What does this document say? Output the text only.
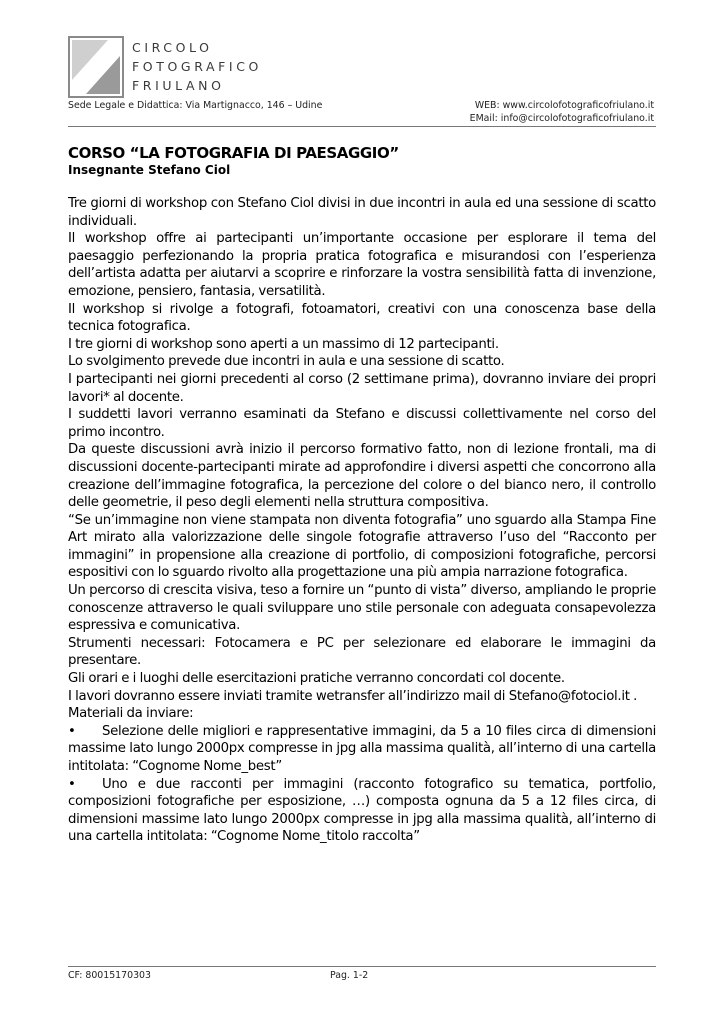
CIRCOLO
FOTOGRAFICO
FRIULANO
Sede Legale e Didattica: Via Martignacco, 146 – Udine	WEB: www.circolofotograficofriulano.it
EMail: info@circolofotograficofriulano.it
CORSO “LA FOTOGRAFIA DI PAESAGGIO”
Insegnante Stefano Ciol

Tre giorni di workshop con Stefano Ciol divisi in due incontri in aula ed una sessione di scatto individuali.

Il workshop offre ai partecipanti un’importante occasione per esplorare il tema del paesaggio perfezionando la propria pratica fotografica e misurandosi con l’esperienza dell’artista adatta per aiutarvi a scoprire e rinforzare la vostra sensibilità fatta di invenzione, emozione, pensiero, fantasia, versatilità.

Il workshop si rivolge a fotografi, fotoamatori, creativi con una conoscenza base della tecnica fotografica.

I tre giorni di workshop sono aperti a un massimo di 12 partecipanti.

Lo svolgimento prevede due incontri in aula e una sessione di scatto.

I partecipanti nei giorni precedenti al corso (2 settimane prima), dovranno inviare dei propri lavori* al docente.

I suddetti lavori verranno esaminati da Stefano e discussi collettivamente nel corso del primo incontro.

Da queste discussioni avrà inizio il percorso formativo fatto, non di lezione frontali, ma di discussioni docente-partecipanti mirate ad approfondire i diversi aspetti che concorrono alla creazione dell’immagine fotografica, la percezione del colore o del bianco nero, il controllo delle geometrie, il peso degli elementi nella struttura compositiva.

“Se un’immagine non viene stampata non diventa fotografia” uno sguardo alla Stampa Fine Art mirato alla valorizzazione delle singole fotografie attraverso l’uso del “Racconto per immagini” in propensione alla creazione di portfolio, di composizioni fotografiche, percorsi espositivi con lo sguardo rivolto alla progettazione una più ampia narrazione fotografica.

Un percorso di crescita visiva, teso a fornire un “punto di vista” diverso, ampliando le proprie conoscenze attraverso le quali sviluppare uno stile personale con adeguata consapevolezza espressiva e comunicativa.

Strumenti necessari: Fotocamera e PC per selezionare ed elaborare le immagini da presentare.

Gli orari e i luoghi delle esercitazioni pratiche verranno concordati col docente.

I lavori dovranno essere inviati tramite wetransfer all’indirizzo mail di Stefano@fotociol.it .

Materiali da inviare:

• Selezione delle migliori e rappresentative immagini, da 5 a 10 files circa di dimensioni massime lato lungo 2000px compresse in jpg alla massima qualità, all’interno di una cartella intitolata: “Cognome Nome_best”

• Uno e due racconti per immagini (racconto fotografico su tematica, portfolio, composizioni fotografiche per esposizione, …) composta ognuna da 5 a 12 files circa, di dimensioni massime lato lungo 2000px compresse in jpg alla massima qualità, all’interno di una cartella intitolata: “Cognome Nome_titolo raccolta”

CF: 80015170303	Pag. 1-2
